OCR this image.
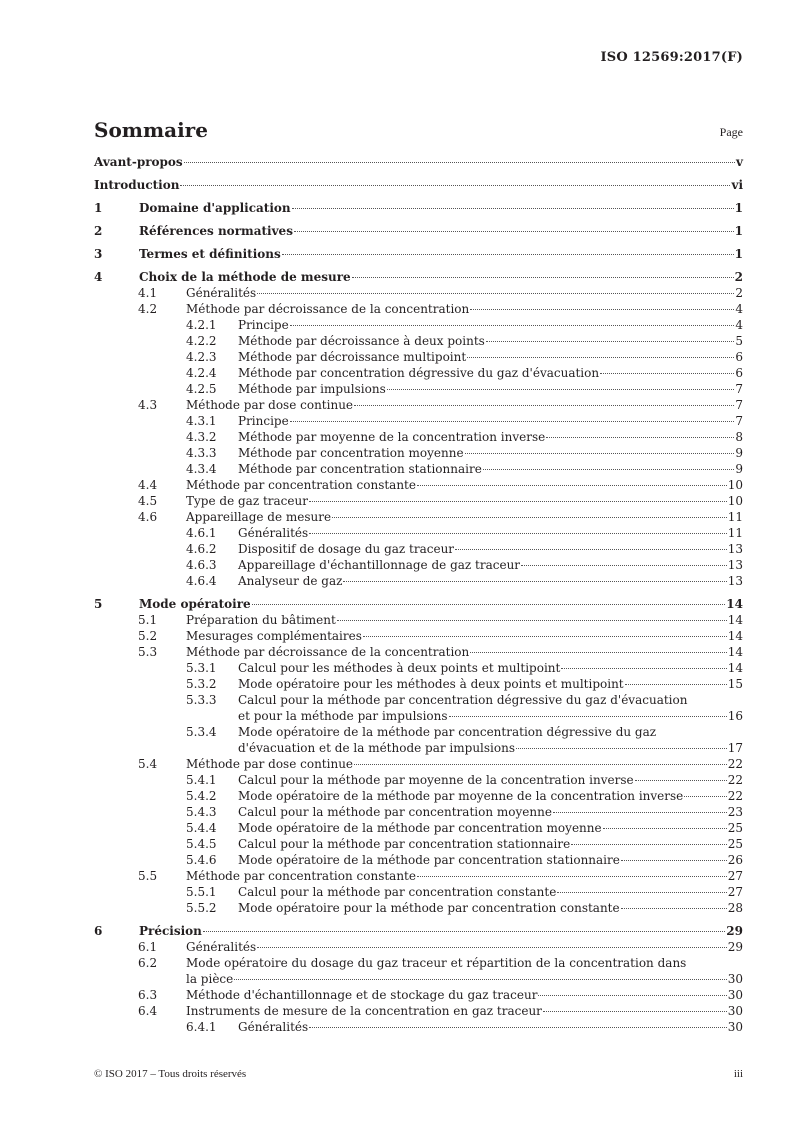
ISO 12569:2017(F)
Sommaire	Page
Avant-propos	v
Introduction	vi
1	Domaine d'application	1
2	Références normatives	1
3	Termes et définitions	1
4	Choix de la méthode de mesure	2
4.1 Généralités	2
4.2 Méthode par décroissance de la concentration	4
4.2.1 Principe	4
4.2.2 Méthode par décroissance à deux points	5
4.2.3 Méthode par décroissance multipoint	6
4.2.4 Méthode par concentration dégressive du gaz d'évacuation	6
4.2.5 Méthode par impulsions	7
4.3 Méthode par dose continue	7
4.3.1 Principe	7
4.3.2 Méthode par moyenne de la concentration inverse	8
4.3.3 Méthode par concentration moyenne	9
4.3.4 Méthode par concentration stationnaire	9
4.4 Méthode par concentration constante	10
4.5 Type de gaz traceur	10
4.6 Appareillage de mesure	11
4.6.1 Généralités	11
4.6.2 Dispositif de dosage du gaz traceur	13
4.6.3 Appareillage d'échantillonnage de gaz traceur	13
4.6.4 Analyseur de gaz	13
5	Mode opératoire	14
5.1 Préparation du bâtiment	14
5.2 Mesurages complémentaires	14
5.3 Méthode par décroissance de la concentration	14
5.3.1 Calcul pour les méthodes à deux points et multipoint	14
5.3.2 Mode opératoire pour les méthodes à deux points et multipoint	15
5.3.3 Calcul pour la méthode par concentration dégressive du gaz d'évacuation
et pour la méthode par impulsions	16
5.3.4 Mode opératoire de la méthode par concentration dégressive du gaz
d'évacuation et de la méthode par impulsions	17
5.4 Méthode par dose continue	22
5.4.1 Calcul pour la méthode par moyenne de la concentration inverse	22
5.4.2 Mode opératoire de la méthode par moyenne de la concentration inverse	22
5.4.3 Calcul pour la méthode par concentration moyenne	23
5.4.4 Mode opératoire de la méthode par concentration moyenne	25
5.4.5 Calcul pour la méthode par concentration stationnaire	25
5.4.6 Mode opératoire de la méthode par concentration stationnaire	26
5.5 Méthode par concentration constante	27
5.5.1 Calcul pour la méthode par concentration constante	27
5.5.2 Mode opératoire pour la méthode par concentration constante	28
6	Précision	29
6.1 Généralités	29
6.2 Mode opératoire du dosage du gaz traceur et répartition de la concentration dans
la pièce	30
6.3 Méthode d'échantillonnage et de stockage du gaz traceur	30
6.4 Instruments de mesure de la concentration en gaz traceur	30
6.4.1 Généralités	30
© ISO 2017 – Tous droits réservés	iii
